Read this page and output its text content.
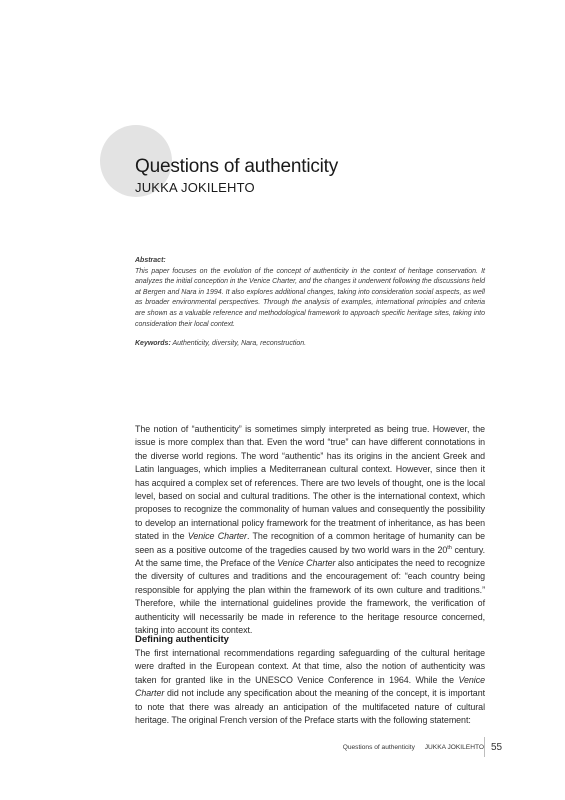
Questions of authenticity
JUKKA JOKILEHTO
Abstract:
This paper focuses on the evolution of the concept of authenticity in the context of heritage conservation. It analyzes the initial conception in the Venice Charter, and the changes it underwent following the discussions held at Bergen and Nara in 1994. It also explores additional changes, taking into consideration social aspects, as well as broader environmental perspectives. Through the analysis of examples, international principles and criteria are shown as a valuable reference and methodological framework to approach specific heritage sites, taking into consideration their local context.
Keywords: Authenticity, diversity, Nara, reconstruction.

The notion of “authenticity” is sometimes simply interpreted as being true. However, the issue is more complex than that. Even the word “true” can have different connotations in the diverse world regions. The word “authentic” has its origins in the ancient Greek and Latin languages, which implies a Mediterranean cultural context. However, since then it has acquired a complex set of references. There are two levels of thought, one is the local level, based on social and cultural traditions. The other is the international context, which proposes to recognize the commonality of human values and consequently the possibility to develop an international policy framework for the treatment of inheritance, as has been stated in the Venice Charter. The recognition of a common heritage of humanity can be seen as a positive outcome of the tragedies caused by two world wars in the 20th century. At the same time, the Preface of the Venice Charter also anticipates the need to recognize the diversity of cultures and traditions and the encouragement of: “each country being responsible for applying the plan within the framework of its own culture and traditions.” Therefore, while the international guidelines provide the framework, the verification of authenticity will necessarily be made in reference to the heritage resource concerned, taking into account its context.

Defining authenticity

The first international recommendations regarding safeguarding of the cultural heritage were drafted in the European context. At that time, also the notion of authenticity was taken for granted like in the UNESCO Venice Conference in 1964. While the Venice Charter did not include any specification about the meaning of the concept, it is important to note that there was already an anticipation of the multifaceted nature of cultural heritage. The original French version of the Preface starts with the following statement:

Questions of authenticity JUKKA JOKILEHTO 55
